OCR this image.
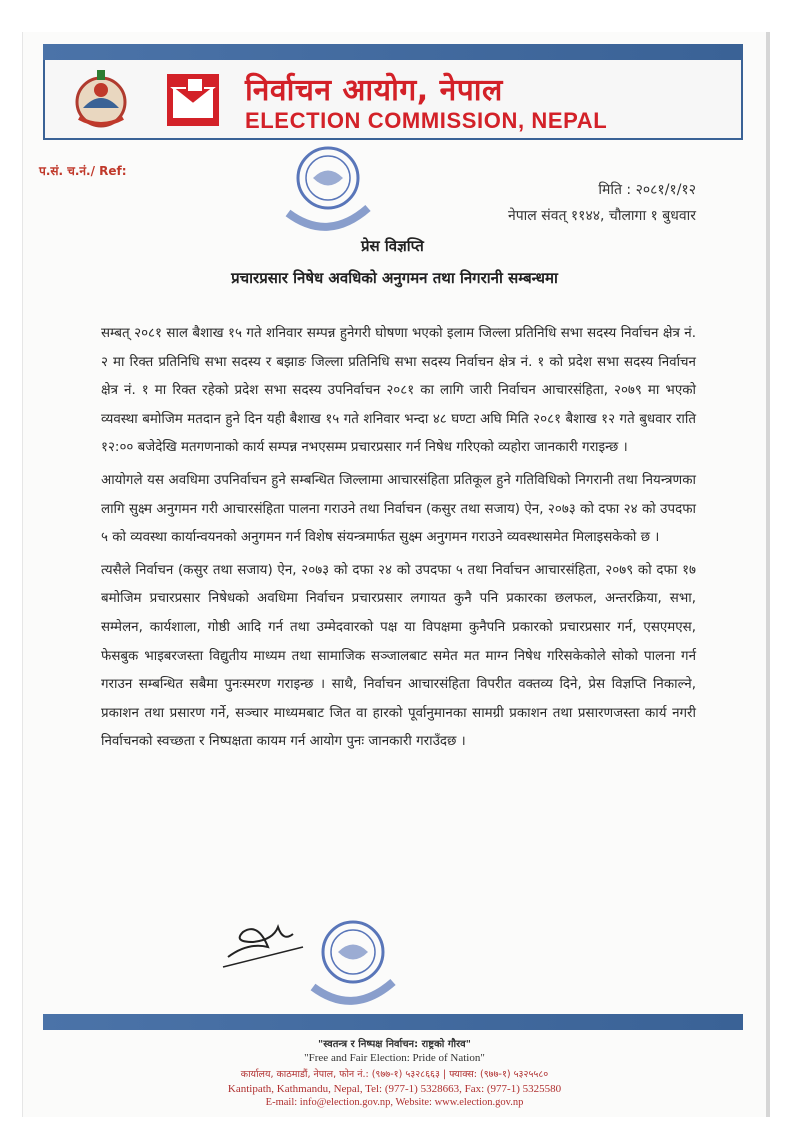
निर्वाचन आयोग, नेपाल
ELECTION COMMISSION, NEPAL
प.सं. च.नं./ Ref:
मिति : २०८१/१/१२
नेपाल संवत् ११४४, चौलागा १ बुधवार
प्रेस विज्ञप्ति
प्रचारप्रसार निषेध अवधिको अनुगमन तथा निगरानी सम्बन्धमा

सम्बत् २०८१ साल बैशाख १५ गते शनिवार सम्पन्न हुनेगरी घोषणा भएको इलाम जिल्ला प्रतिनिधि सभा सदस्य निर्वाचन क्षेत्र नं. २ मा रिक्त प्रतिनिधि सभा सदस्य र बझाङ जिल्ला प्रतिनिधि सभा सदस्य निर्वाचन क्षेत्र नं. १ को प्रदेश सभा सदस्य निर्वाचन क्षेत्र नं. १ मा रिक्त रहेको प्रदेश सभा सदस्य उपनिर्वाचन २०८१ का लागि जारी निर्वाचन आचारसंहिता, २०७९ मा भएको व्यवस्था बमोजिम मतदान हुने दिन यही बैशाख १५ गते शनिवार भन्दा ४८ घण्टा अघि मिति २०८१ बैशाख १२ गते बुधवार राति १२:०० बजेदेखि मतगणनाको कार्य सम्पन्न नभएसम्म प्रचारप्रसार गर्न निषेध गरिएको व्यहोरा जानकारी गराइन्छ ।

आयोगले यस अवधिमा उपनिर्वाचन हुने सम्बन्धित जिल्लामा आचारसंहिता प्रतिकूल हुने गतिविधिको निगरानी तथा नियन्त्रणका लागि सुक्ष्म अनुगमन गरी आचारसंहिता पालना गराउने तथा निर्वाचन (कसुर तथा सजाय) ऐन, २०७३ को दफा २४ को उपदफा ५ को व्यवस्था कार्यान्वयनको अनुगमन गर्न विशेष संयन्त्रमार्फत सुक्ष्म अनुगमन गराउने व्यवस्थासमेत मिलाइसकेको छ ।

त्यसैले निर्वाचन (कसुर तथा सजाय) ऐन, २०७३ को दफा २४ को उपदफा ५ तथा निर्वाचन आचारसंहिता, २०७९ को दफा १७ बमोजिम प्रचारप्रसार निषेधको अवधिमा निर्वाचन प्रचारप्रसार लगायत कुनै पनि प्रकारका छलफल, अन्तरक्रिया, सभा, सम्मेलन, कार्यशाला, गोष्ठी आदि गर्न तथा उम्मेदवारको पक्ष या विपक्षमा कुनैपनि प्रकारको प्रचारप्रसार गर्न, एसएमएस, फेसबुक भाइबरजस्ता विद्युतीय माध्यम तथा सामाजिक सञ्जालबाट समेत मत माग्न निषेध गरिसकेकोले सोको पालना गर्न गराउन सम्बन्धित सबैमा पुनःस्मरण गराइन्छ । साथै, निर्वाचन आचारसंहिता विपरीत वक्तव्य दिने, प्रेस विज्ञप्ति निकाल्ने, प्रकाशन तथा प्रसारण गर्ने, सञ्चार माध्यमबाट जित वा हारको पूर्वानुमानका सामग्री प्रकाशन तथा प्रसारणजस्ता कार्य नगरी निर्वाचनको स्वच्छता र निष्पक्षता कायम गर्न आयोग पुनः जानकारी गराउँदछ ।

"स्वतन्त्र र निष्पक्ष निर्वाचन: राष्ट्रको गौरव"
"Free and Fair Election: Pride of Nation"
कार्यालय, काठमाडौं, नेपाल, फोन नं.: (९७७-१) ५३२८६६३ | फ्याक्स: (९७७-१) ५३२५५८०
Kantipath, Kathmandu, Nepal, Tel: (977-1) 5328663, Fax: (977-1) 5325580
E-mail: info@election.gov.np, Website: www.election.gov.np
